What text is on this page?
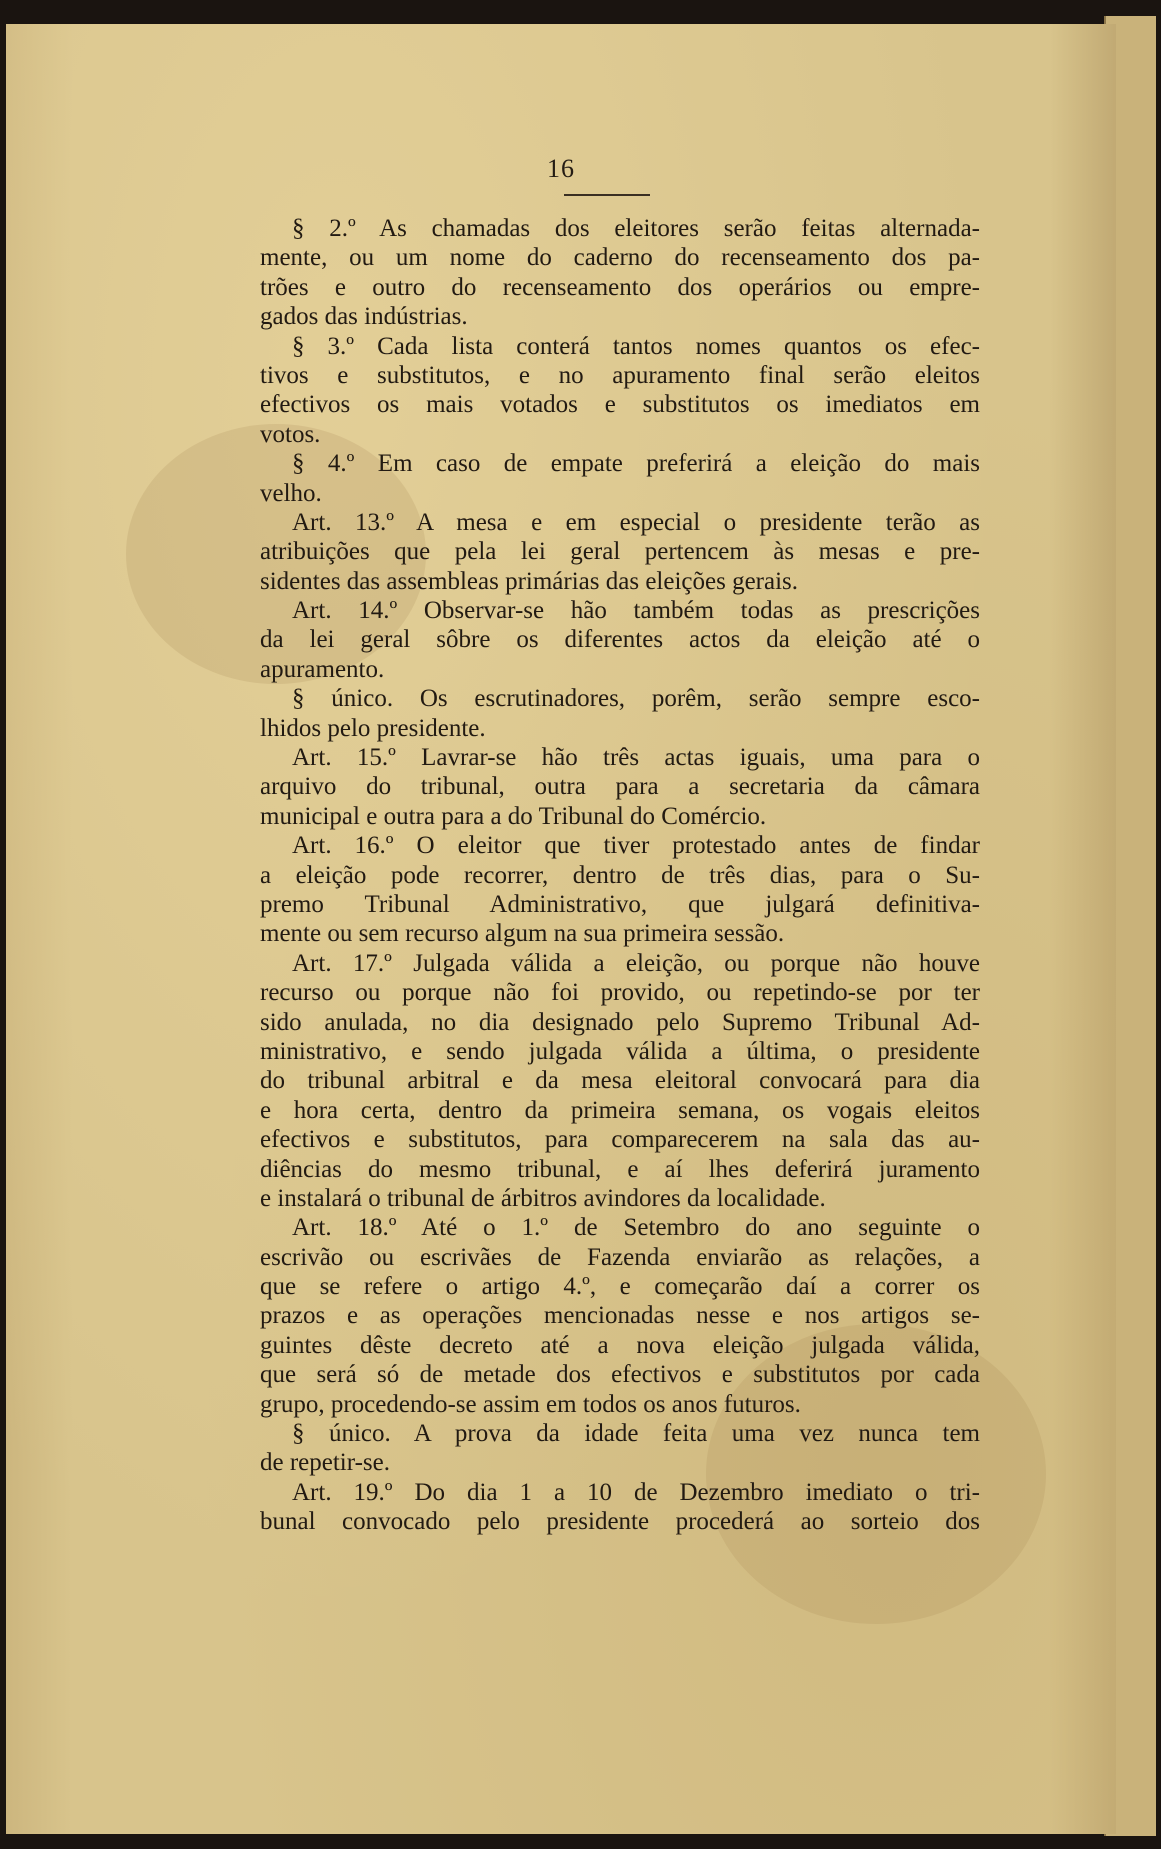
16
§ 2.º As chamadas dos eleitores serão feitas alternada-
mente, ou um nome do caderno do recenseamento dos pa-
trões e outro do recenseamento dos operários ou empre-
gados das indústrias.
§ 3.º Cada lista conterá tantos nomes quantos os efec-
tivos e substitutos, e no apuramento final serão eleitos
efectivos os mais votados e substitutos os imediatos em
votos.
§ 4.º Em caso de empate preferirá a eleição do mais
velho.
Art. 13.º A mesa e em especial o presidente terão as
atribuições que pela lei geral pertencem às mesas e pre-
sidentes das assembleas primárias das eleições gerais.
Art. 14.º Observar-se hão também todas as prescrições
da lei geral sôbre os diferentes actos da eleição até o
apuramento.
§ único. Os escrutinadores, porêm, serão sempre esco-
lhidos pelo presidente.
Art. 15.º Lavrar-se hão três actas iguais, uma para o
arquivo do tribunal, outra para a secretaria da câmara
municipal e outra para a do Tribunal do Comércio.
Art. 16.º O eleitor que tiver protestado antes de findar
a eleição pode recorrer, dentro de três dias, para o Su-
premo Tribunal Administrativo, que julgará definitiva-
mente ou sem recurso algum na sua primeira sessão.
Art. 17.º Julgada válida a eleição, ou porque não houve
recurso ou porque não foi provido, ou repetindo-se por ter
sido anulada, no dia designado pelo Supremo Tribunal Ad-
ministrativo, e sendo julgada válida a última, o presidente
do tribunal arbitral e da mesa eleitoral convocará para dia
e hora certa, dentro da primeira semana, os vogais eleitos
efectivos e substitutos, para comparecerem na sala das au-
diências do mesmo tribunal, e aí lhes deferirá juramento
e instalará o tribunal de árbitros avindores da localidade.
Art. 18.º Até o 1.º de Setembro do ano seguinte o
escrivão ou escrivães de Fazenda enviarão as relações, a
que se refere o artigo 4.º, e começarão daí a correr os
prazos e as operações mencionadas nesse e nos artigos se-
guintes dêste decreto até a nova eleição julgada válida,
que será só de metade dos efectivos e substitutos por cada
grupo, procedendo-se assim em todos os anos futuros.
§ único. A prova da idade feita uma vez nunca tem
de repetir-se.
Art. 19.º Do dia 1 a 10 de Dezembro imediato o tri-
bunal convocado pelo presidente procederá ao sorteio dos
